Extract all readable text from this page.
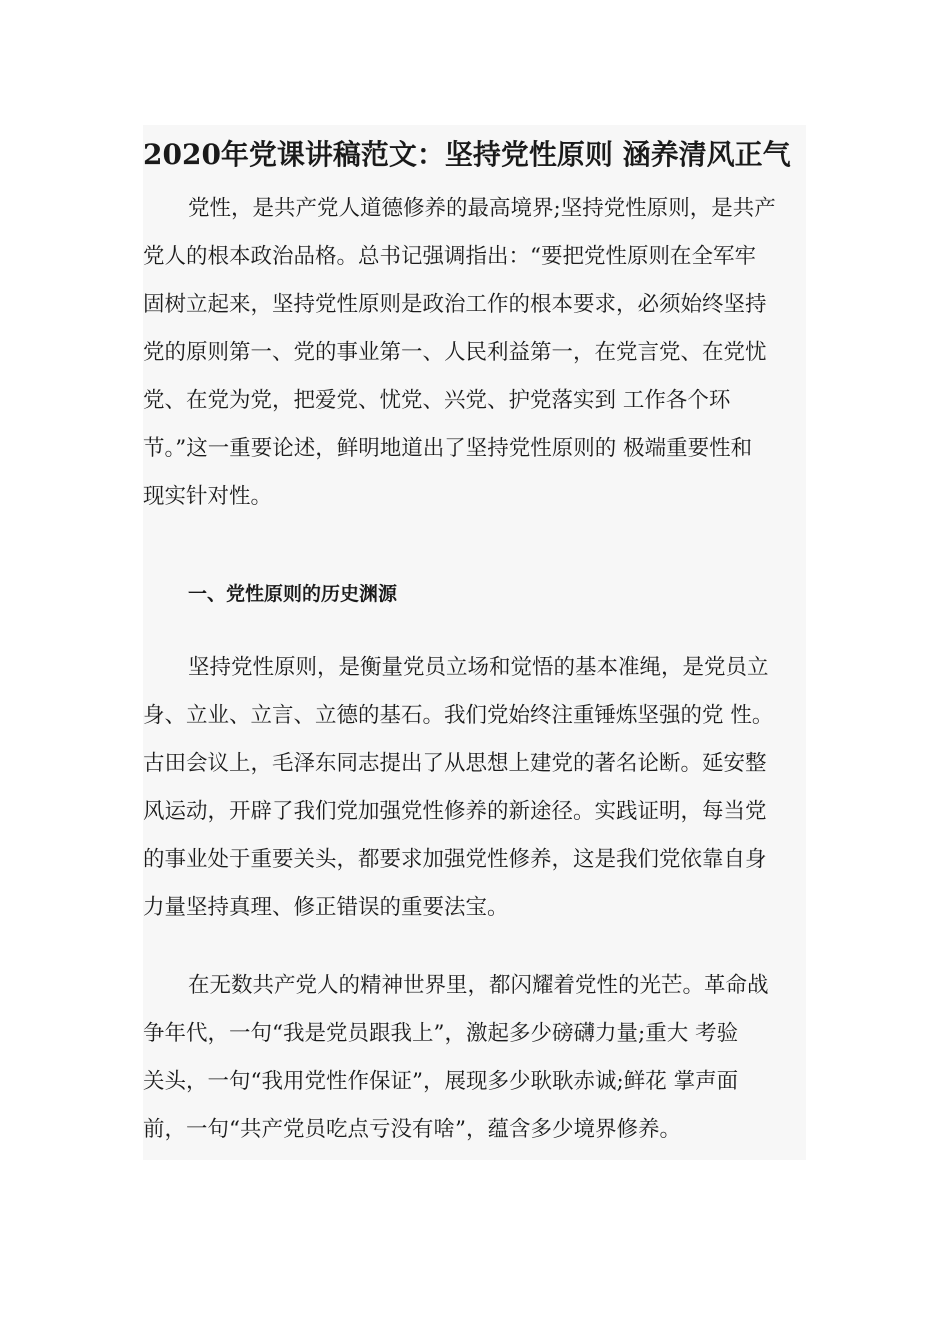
2020年党课讲稿范文：坚持党性原则 涵养清风正气
党性，是共产党人道德修养的最高境界;坚持党性原则，是共产
党人的根本政治品格。总书记强调指出：“要把党性原则在全军牢
固树立起来，坚持党性原则是政治工作的根本要求，必须始终坚持
党的原则第一、党的事业第一、人民利益第一，在党言党、在党忧
党、在党为党，把爱党、忧党、兴党、护党落实到 工作各个环
节。”这一重要论述，鲜明地道出了坚持党性原则的 极端重要性和
现实针对性。
一、党性原则的历史渊源
坚持党性原则，是衡量党员立场和觉悟的基本准绳，是党员立
身、立业、立言、立德的基石。我们党始终注重锤炼坚强的党 性。
古田会议上，毛泽东同志提出了从思想上建党的著名论断。延安整
风运动，开辟了我们党加强党性修养的新途径。实践证明，每当党
的事业处于重要关头，都要求加强党性修养，这是我们党依靠自身
力量坚持真理、修正错误的重要法宝。
在无数共产党人的精神世界里，都闪耀着党性的光芒。革命战
争年代，一句“我是党员跟我上”，激起多少磅礴力量;重大 考验
关头，一句“我用党性作保证”，展现多少耿耿赤诚;鲜花 掌声面
前，一句“共产党员吃点亏没有啥”，蕴含多少境界修养。
